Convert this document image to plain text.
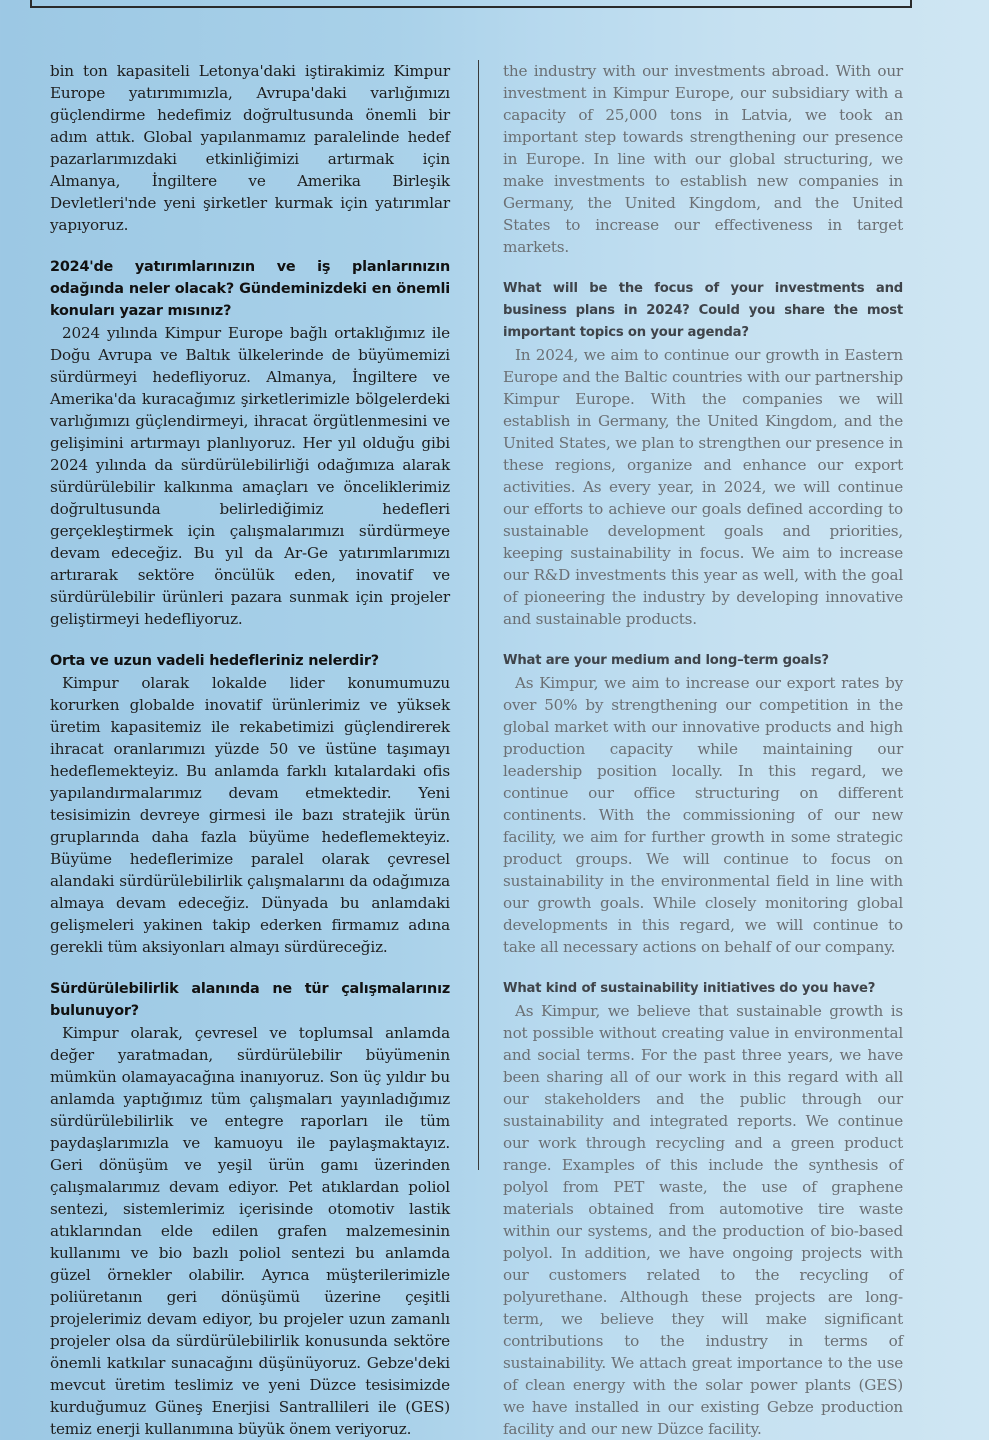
bin ton kapasiteli Letonya'daki iştirakimiz Kimpur Europe yatırımımızla, Avrupa'daki varlığımızı güçlendirme hedefimiz doğrultusunda önemli bir adım attık. Global yapılanmamız paralelinde hedef pazarlarımızdaki etkinliğimizi artırmak için Almanya, İngiltere ve Amerika Birleşik Devletleri'nde yeni şirketler kurmak için yatırımlar yapıyoruz.

2024'de yatırımlarınızın ve iş planlarınızın odağında neler olacak? Gündeminizdeki en önemli konuları yazar mısınız?

2024 yılında Kimpur Europe bağlı ortaklığımız ile Doğu Avrupa ve Baltık ülkelerinde de büyümemizi sürdürmeyi hedefliyoruz. Almanya, İngiltere ve Amerika'da kuracağımız şirketlerimizle bölgelerdeki varlığımızı güçlendirmeyi, ihracat örgütlenmesini ve gelişimini artırmayı planlıyoruz. Her yıl olduğu gibi 2024 yılında da sürdürülebilirliği odağımıza alarak sürdürülebilir kalkınma amaçları ve önceliklerimiz doğrultusunda belirlediğimiz hedefleri gerçekleştirmek için çalışmalarımızı sürdürmeye devam edeceğiz. Bu yıl da Ar-Ge yatırımlarımızı artırarak sektöre öncülük eden, inovatif ve sürdürülebilir ürünleri pazara sunmak için projeler geliştirmeyi hedefliyoruz.

Orta ve uzun vadeli hedefleriniz nelerdir?

Kimpur olarak lokalde lider konumumuzu korurken globalde inovatif ürünlerimiz ve yüksek üretim kapasitemiz ile rekabetimizi güçlendirerek ihracat oranlarımızı yüzde 50 ve üstüne taşımayı hedeflemekteyiz. Bu anlamda farklı kıtalardaki ofis yapılandırmalarımız devam etmektedir. Yeni tesisimizin devreye girmesi ile bazı stratejik ürün gruplarında daha fazla büyüme hedeflemekteyiz. Büyüme hedeflerimize paralel olarak çevresel alandaki sürdürülebilirlik çalışmalarını da odağımıza almaya devam edeceğiz. Dünyada bu anlamdaki gelişmeleri yakinen takip ederken firmamız adına gerekli tüm aksiyonları almayı sürdüreceğiz.

Sürdürülebilirlik alanında ne tür çalışmalarınız bulunuyor?

Kimpur olarak, çevresel ve toplumsal anlamda değer yaratmadan, sürdürülebilir büyümenin mümkün olamayacağına inanıyoruz. Son üç yıldır bu anlamda yaptığımız tüm çalışmaları yayınladığımız sürdürülebilirlik ve entegre raporları ile tüm paydaşlarımızla ve kamuoyu ile paylaşmaktayız. Geri dönüşüm ve yeşil ürün gamı üzerinden çalışmalarımız devam ediyor. Pet atıklardan poliol sentezi, sistemlerimiz içerisinde otomotiv lastik atıklarından elde edilen grafen malzemesinin kullanımı ve bio bazlı poliol sentezi bu anlamda güzel örnekler olabilir. Ayrıca müşterilerimizle poliüretanın geri dönüşümü üzerine çeşitli projelerimiz devam ediyor, bu projeler uzun zamanlı projeler olsa da sürdürülebilirlik konusunda sektöre önemli katkılar sunacağını düşünüyoruz. Gebze'deki mevcut üretim teslimiz ve yeni Düzce tesisimizde kurduğumuz Güneş Enerjisi Santrallileri ile (GES) temiz enerji kullanımına büyük önem veriyoruz.

the industry with our investments abroad. With our investment in Kimpur Europe, our subsidiary with a capacity of 25,000 tons in Latvia, we took an important step towards strengthening our presence in Europe. In line with our global structuring, we make investments to establish new companies in Germany, the United Kingdom, and the United States to increase our effectiveness in target markets.

What will be the focus of your investments and business plans in 2024? Could you share the most important topics on your agenda?

In 2024, we aim to continue our growth in Eastern Europe and the Baltic countries with our partnership Kimpur Europe. With the companies we will establish in Germany, the United Kingdom, and the United States, we plan to strengthen our presence in these regions, organize and enhance our export activities. As every year, in 2024, we will continue our efforts to achieve our goals defined according to sustainable development goals and priorities, keeping sustainability in focus. We aim to increase our R&D investments this year as well, with the goal of pioneering the industry by developing innovative and sustainable products.

What are your medium and long–term goals?

As Kimpur, we aim to increase our export rates by over 50% by strengthening our competition in the global market with our innovative products and high production capacity while maintaining our leadership position locally. In this regard, we continue our office structuring on different continents. With the commissioning of our new facility, we aim for further growth in some strategic product groups. We will continue to focus on sustainability in the environmental field in line with our growth goals. While closely monitoring global developments in this regard, we will continue to take all necessary actions on behalf of our company.

What kind of sustainability initiatives do you have?

As Kimpur, we believe that sustainable growth is not possible without creating value in environmental and social terms. For the past three years, we have been sharing all of our work in this regard with all our stakeholders and the public through our sustainability and integrated reports. We continue our work through recycling and a green product range. Examples of this include the synthesis of polyol from PET waste, the use of graphene materials obtained from automotive tire waste within our systems, and the production of bio-based polyol. In addition, we have ongoing projects with our customers related to the recycling of polyurethane. Although these projects are long-term, we believe they will make significant contributions to the industry in terms of sustainability. We attach great importance to the use of clean energy with the solar power plants (GES) we have installed in our existing Gebze production facility and our new Düzce facility.
